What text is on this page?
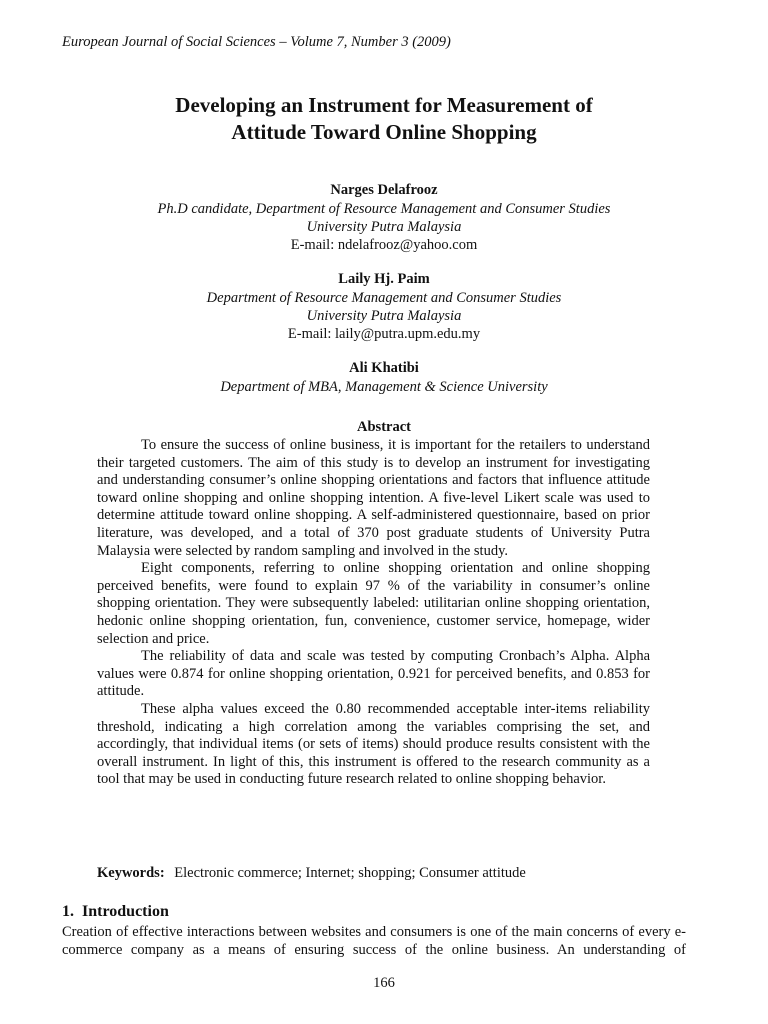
European Journal of Social Sciences – Volume 7, Number 3 (2009)
Developing an Instrument for Measurement of
Attitude Toward Online Shopping
Narges Delafrooz
Ph.D candidate, Department of Resource Management and Consumer Studies
University Putra Malaysia
E-mail: ndelafrooz@yahoo.com
Laily Hj. Paim
Department of Resource Management and Consumer Studies
University Putra Malaysia
E-mail: laily@putra.upm.edu.my
Ali Khatibi
Department of MBA, Management & Science University
Abstract

To ensure the success of online business, it is important for the retailers to understand their targeted customers. The aim of this study is to develop an instrument for investigating and understanding consumer’s online shopping orientations and factors that influence attitude toward online shopping and online shopping intention. A five-level Likert scale was used to determine attitude toward online shopping. A self-administered questionnaire, based on prior literature, was developed, and a total of 370 post graduate students of University Putra Malaysia were selected by random sampling and involved in the study.

Eight components, referring to online shopping orientation and online shopping perceived benefits, were found to explain 97 % of the variability in consumer’s online shopping orientation. They were subsequently labeled: utilitarian online shopping orientation, hedonic online shopping orientation, fun, convenience, customer service, homepage, wider selection and price.

The reliability of data and scale was tested by computing Cronbach’s Alpha. Alpha values were 0.874 for online shopping orientation, 0.921 for perceived benefits, and 0.853 for attitude.

These alpha values exceed the 0.80 recommended acceptable inter-items reliability threshold, indicating a high correlation among the variables comprising the set, and accordingly, that individual items (or sets of items) should produce results consistent with the overall instrument. In light of this, this instrument is offered to the research community as a tool that may be used in conducting future research related to online shopping behavior.

Keywords: Electronic commerce; Internet; shopping; Consumer attitude
1. Introduction
Creation of effective interactions between websites and consumers is one of the main concerns of every e-commerce company as a means of ensuring success of the online business. An understanding of
166
